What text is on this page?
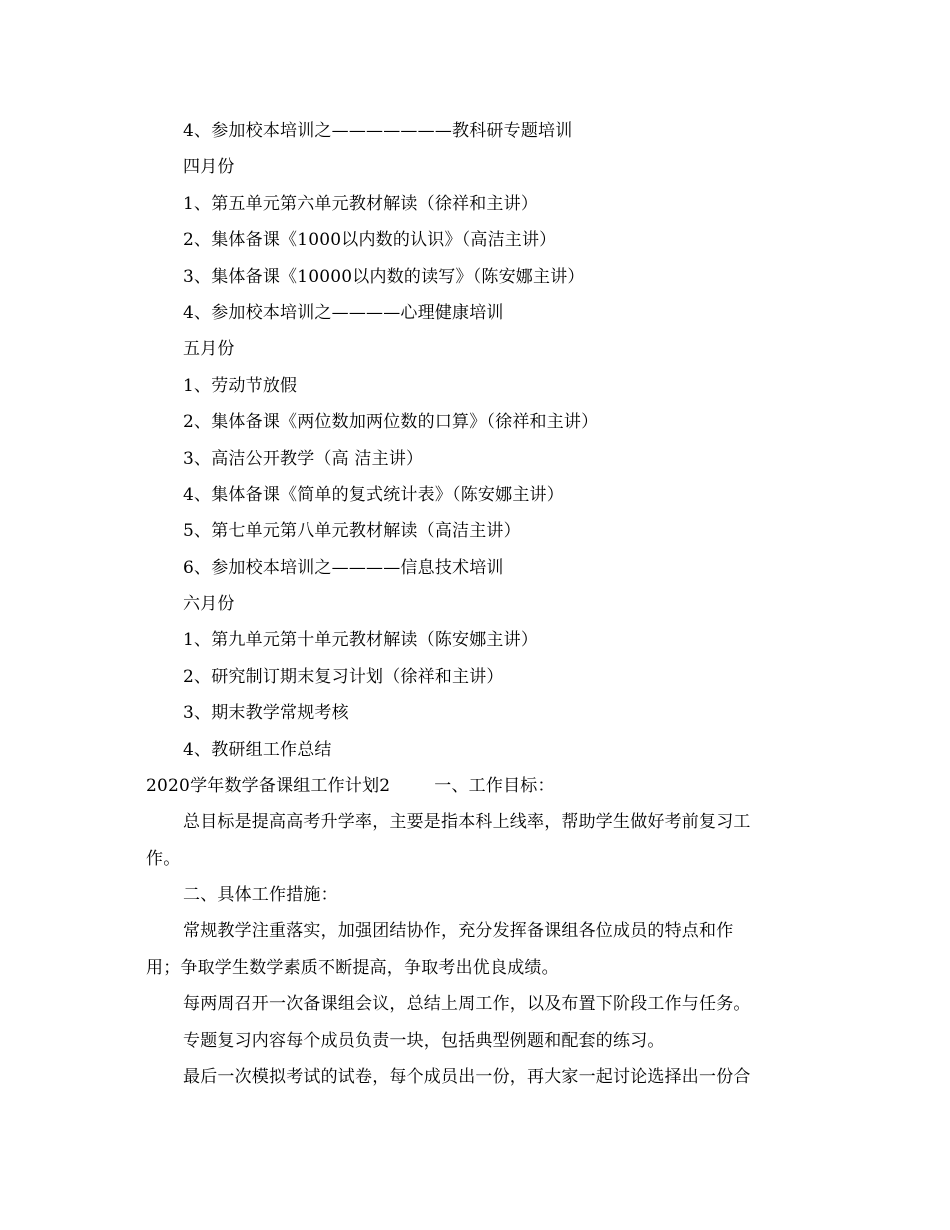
4、参加校本培训之———————教科研专题培训
四月份
1、第五单元第六单元教材解读（徐祥和主讲）
2、集体备课《1000以内数的认识》（高洁主讲）
3、集体备课《10000以内数的读写》（陈安娜主讲）
4、参加校本培训之————心理健康培训
五月份
1、劳动节放假
2、集体备课《两位数加两位数的口算》（徐祥和主讲）
3、高洁公开教学（高 洁主讲）
4、集体备课《简单的复式统计表》（陈安娜主讲）
5、第七单元第八单元教材解读（高洁主讲）
6、参加校本培训之————信息技术培训
六月份
1、第九单元第十单元教材解读（陈安娜主讲）
2、研究制订期末复习计划（徐祥和主讲）
3、期末教学常规考核
4、教研组工作总结
2020学年数学备课组工作计划2	一、工作目标：
总目标是提高高考升学率，主要是指本科上线率，帮助学生做好考前复习工
作。
二、具体工作措施：
常规教学注重落实，加强团结协作，充分发挥备课组各位成员的特点和作
用；争取学生数学素质不断提高，争取考出优良成绩。
每两周召开一次备课组会议，总结上周工作，以及布置下阶段工作与任务。
专题复习内容每个成员负责一块，包括典型例题和配套的练习。
最后一次模拟考试的试卷，每个成员出一份，再大家一起讨论选择出一份合
